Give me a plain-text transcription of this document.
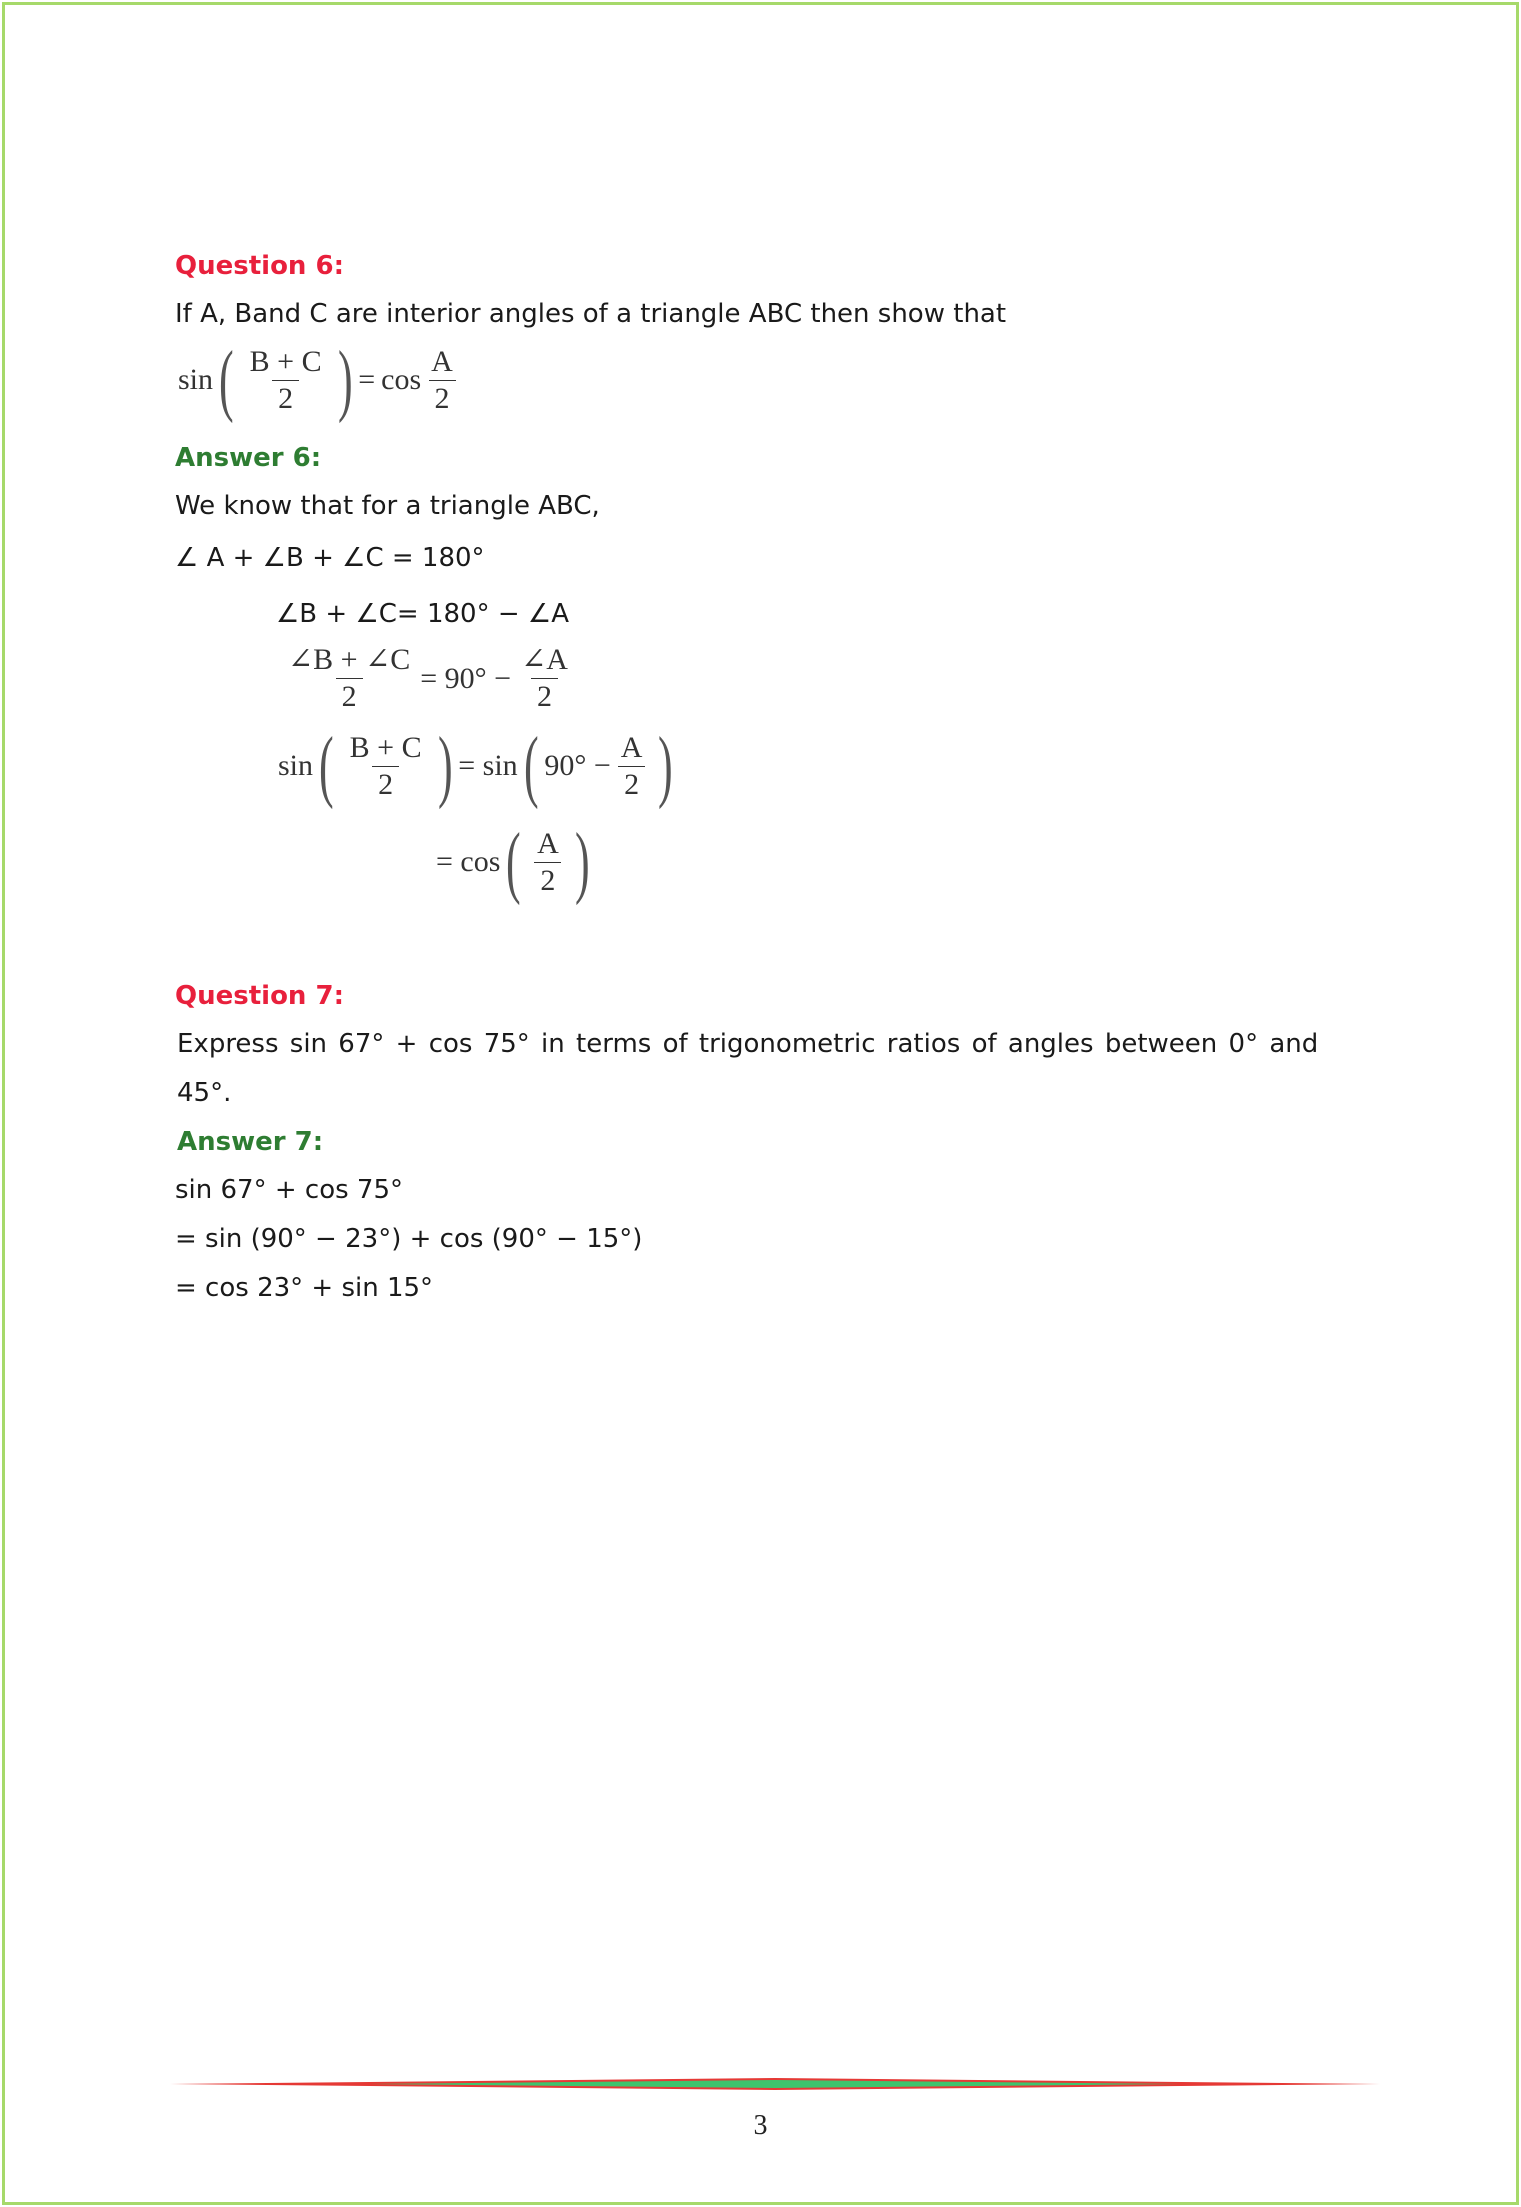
Question 6:
If A, Band C are interior angles of a triangle ABC then show that
sin ( $\frac{B + C}{2}$ ) = $\cos \frac{A}{2}$
Answer 6:
We know that for a triangle ABC,
∠ A + ∠B + ∠C = 180°
∠B + ∠C= 180° − ∠A
$\frac{\angle B + \angle C}{2} = 90^\circ - \frac{\angle A}{2}$
sin ( $\frac{B + C}{2}$ ) = sin ( $90^\circ - \frac{A}{2}$ )
= cos ( $\frac{A}{2}$ )
Question 7:
Express sin 67° + cos 75° in terms of trigonometric ratios of angles between 0° and
45°.
Answer 7:
sin 67° + cos 75°
= sin (90° − 23°) + cos (90° − 15°)
= cos 23° + sin 15°
3
